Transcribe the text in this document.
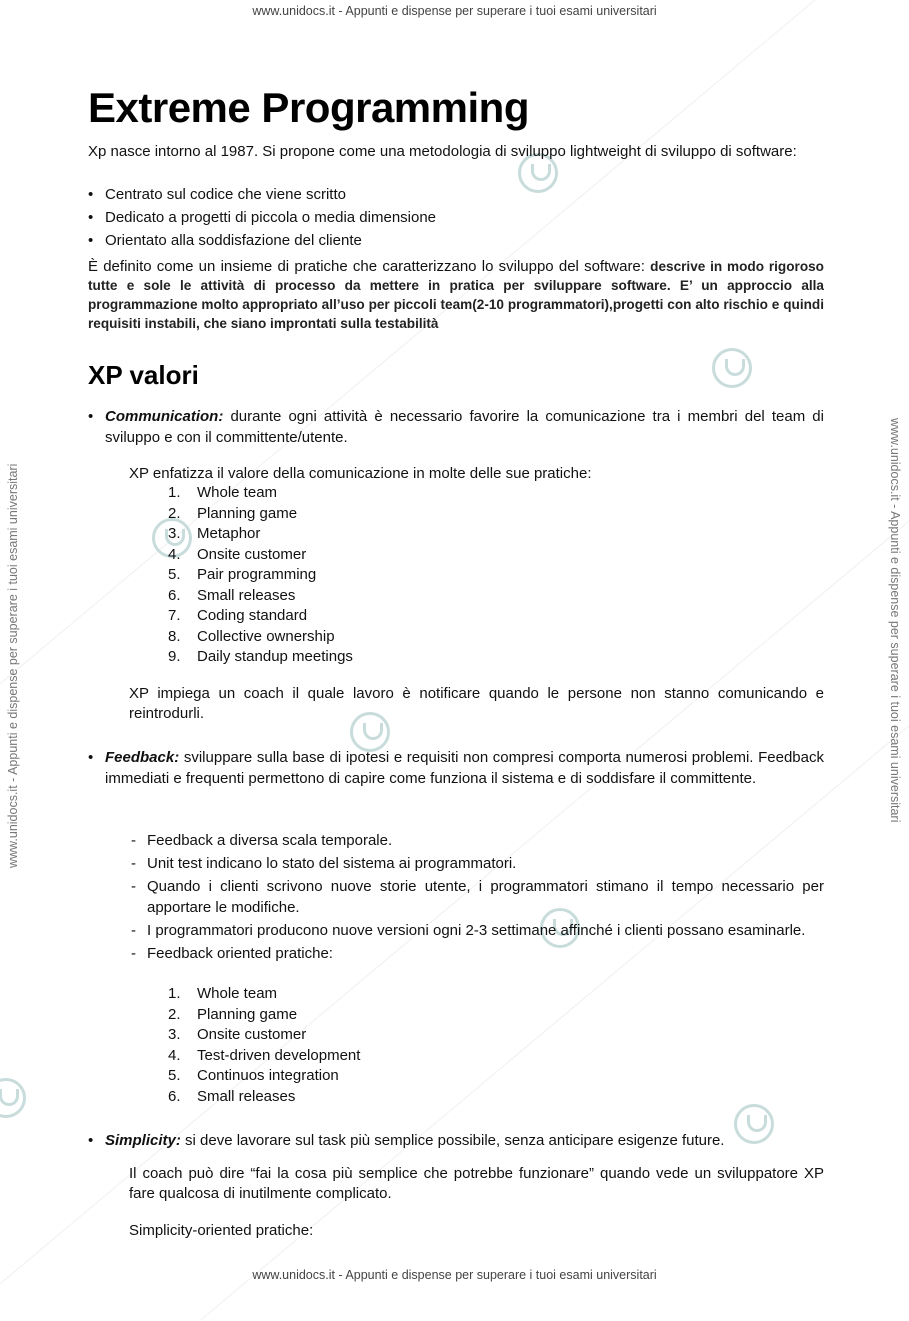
www.unidocs.it - Appunti e dispense per superare i tuoi esami universitari
www.unidocs.it - Appunti e dispense per superare i tuoi esami universitari
www.unidocs.it - Appunti e dispense per superare i tuoi esami universitari	www.unidocs.it - Appunti e dispense per superare i tuoi esami universitari
Extreme Programming

Xp nasce intorno al 1987. Si propone come una metodologia di sviluppo lightweight di sviluppo di software:

• Centrato sul codice che viene scritto
• Dedicato a progetti di piccola o media dimensione
• Orientato alla soddisfazione del cliente

È definito come un insieme di pratiche che caratterizzano lo sviluppo del software: descrive in modo rigoroso tutte e sole le attività di processo da mettere in pratica per sviluppare software. E’ un approccio alla programmazione molto appropriato all’uso per piccoli team(2-10 programmatori),progetti con alto rischio e quindi requisiti instabili, che siano improntati sulla testabilità

XP valori
• Communication: durante ogni attività è necessario favorire la comunicazione tra i membri del team di sviluppo e con il committente/utente.

XP enfatizza il valore della comunicazione in molte delle sue pratiche:

1. Whole team
2. Planning game
3. Metaphor
4. Onsite customer
5. Pair programming
6. Small releases
7. Coding standard
8. Collective ownership
9. Daily standup meetings

XP impiega un coach il quale lavoro è notificare quando le persone non stanno comunicando e reintrodurli.

• Feedback: sviluppare sulla base di ipotesi e requisiti non compresi comporta numerosi problemi. Feedback immediati e frequenti permettono di capire come funziona il sistema e di soddisfare il committente.
- Feedback a diversa scala temporale.
- Unit test indicano lo stato del sistema ai programmatori.
- Quando i clienti scrivono nuove storie utente, i programmatori stimano il tempo necessario per apportare le modifiche.
- I programmatori producono nuove versioni ogni 2-3 settimane affinché i clienti possano esaminarle.
- Feedback oriented pratiche:
1. Whole team
2. Planning game
3. Onsite customer
4. Test-driven development
5. Continuos integration
6. Small releases
• Simplicity: si deve lavorare sul task più semplice possibile, senza anticipare esigenze future.

Il coach può dire “fai la cosa più semplice che potrebbe funzionare” quando vede un sviluppatore XP fare qualcosa di inutilmente complicato.

Simplicity-oriented pratiche:
